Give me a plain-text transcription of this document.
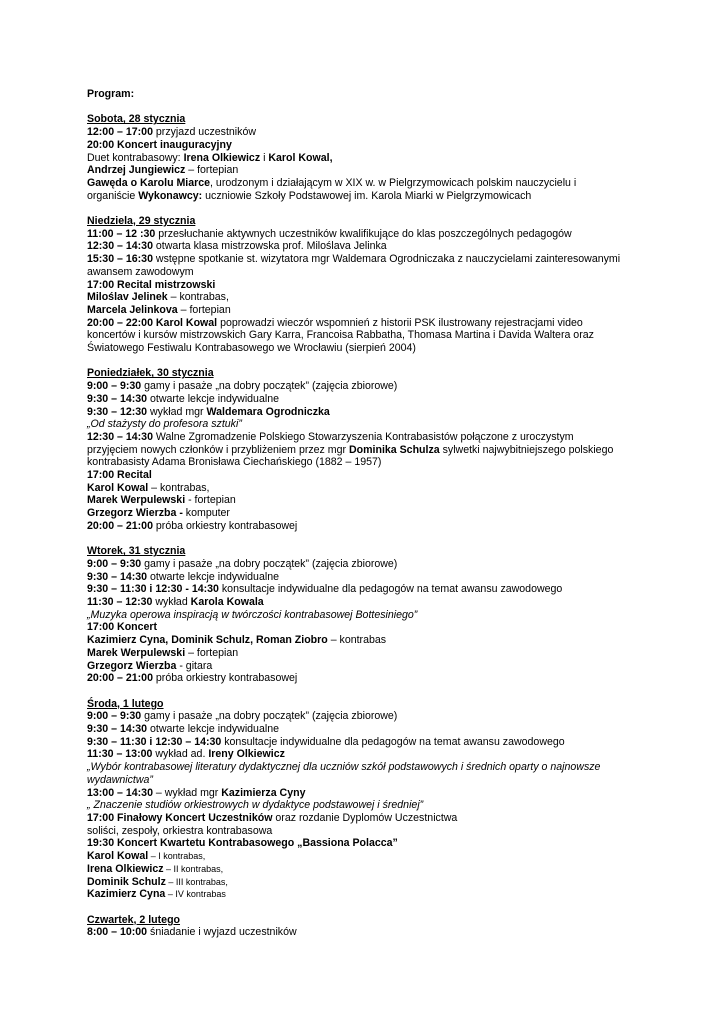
Program:
Sobota, 28 stycznia
12:00 – 17:00 przyjazd uczestników
20:00 Koncert inauguracyjny
Duet kontrabasowy: Irena Olkiewicz i Karol Kowal,
Andrzej Jungiewicz – fortepian
Gawęda o Karolu Miarce, urodzonym i działającym w XIX w. w Pielgrzymowicach polskim nauczycielu i
organiście Wykonawcy: uczniowie Szkoły Podstawowej im. Karola Miarki w Pielgrzymowicach
Niedziela, 29 stycznia
11:00 – 12 :30 przesłuchanie aktywnych uczestników kwalifikujące do klas poszczególnych pedagogów
12:30 – 14:30 otwarta klasa mistrzowska prof. Miloślava Jelinka
15:30 – 16:30 wstępne spotkanie st. wizytatora mgr Waldemara Ogrodniczaka z nauczycielami zainteresowanymi
awansem zawodowym
17:00 Recital mistrzowski
Miloślav Jelinek – kontrabas,
Marcela Jelinkova – fortepian
20:00 – 22:00 Karol Kowal poprowadzi wieczór wspomnień z historii PSK ilustrowany rejestracjami video
koncertów i kursów mistrzowskich Gary Karra, Francoisa Rabbatha, Thomasa Martina i Davida Waltera oraz
Światowego Festiwalu Kontrabasowego we Wrocławiu (sierpień 2004)
Poniedziałek, 30 stycznia
9:00 – 9:30 gamy i pasaże „na dobry początek” (zajęcia zbiorowe)
9:30 – 14:30 otwarte lekcje indywidualne
9:30 – 12:30 wykład mgr Waldemara Ogrodniczka
„Od stażysty do profesora sztuki”
12:30 – 14:30 Walne Zgromadzenie Polskiego Stowarzyszenia Kontrabasistów połączone z uroczystym
przyjęciem nowych członków i przybliżeniem przez mgr Dominika Schulza sylwetki najwybitniejszego polskiego
kontrabasisty Adama Bronisława Ciechańskiego (1882 – 1957)
17:00 Recital
Karol Kowal – kontrabas,
Marek Werpulewski - fortepian
Grzegorz Wierzba - komputer
20:00 – 21:00 próba orkiestry kontrabasowej
Wtorek, 31 stycznia
9:00 – 9:30 gamy i pasaże „na dobry początek” (zajęcia zbiorowe)
9:30 – 14:30 otwarte lekcje indywidualne
9:30 – 11:30 i 12:30 - 14:30 konsultacje indywidualne dla pedagogów na temat awansu zawodowego
11:30 – 12:30 wykład Karola Kowala
„Muzyka operowa inspiracją w twórczości kontrabasowej Bottesiniego”
17:00 Koncert
Kazimierz Cyna, Dominik Schulz, Roman Ziobro – kontrabas
Marek Werpulewski – fortepian
Grzegorz Wierzba - gitara
20:00 – 21:00 próba orkiestry kontrabasowej
Środa, 1 lutego
9:00 – 9:30 gamy i pasaże „na dobry początek” (zajęcia zbiorowe)
9:30 – 14:30 otwarte lekcje indywidualne
9:30 – 11:30 i 12:30 – 14:30 konsultacje indywidualne dla pedagogów na temat awansu zawodowego
11:30 – 13:00 wykład ad. Ireny Olkiewicz
„Wybór kontrabasowej literatury dydaktycznej dla uczniów szkół podstawowych i średnich oparty o najnowsze
wydawnictwa”
13:00 – 14:30 – wykład mgr Kazimierza Cyny
„ Znaczenie studiów orkiestrowych w dydaktyce podstawowej i średniej”
17:00 Finałowy Koncert Uczestników oraz rozdanie Dyplomów Uczestnictwa
soliści, zespoły, orkiestra kontrabasowa
19:30 Koncert Kwartetu Kontrabasowego „Bassiona Polacca”
Karol Kowal – I kontrabas,
Irena Olkiewicz – II kontrabas,
Dominik Schulz – III kontrabas,
Kazimierz Cyna – IV kontrabas
Czwartek, 2 lutego
8:00 – 10:00 śniadanie i wyjazd uczestników
